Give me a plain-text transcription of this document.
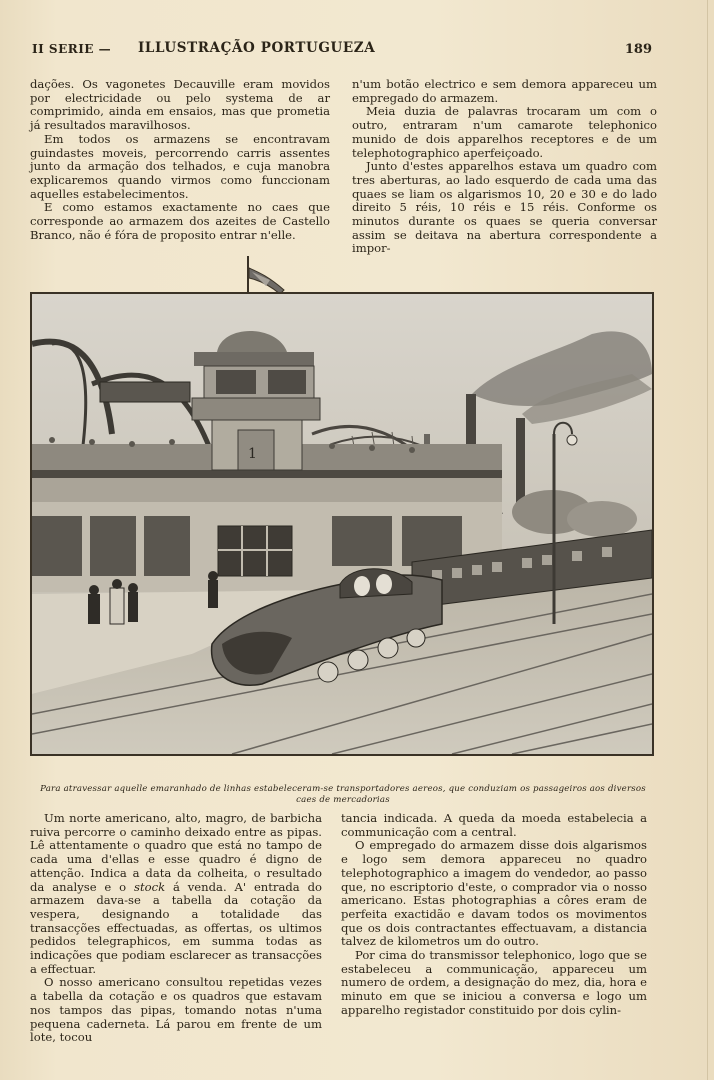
II SERIE — ILLUSTRAÇÃO PORTUGUEZA	189

dações. Os vagonetes Decauville eram movidos por electricidade ou pelo systema de ar comprimido, ainda em ensaios, mas que prometia já resultados maravilhosos.

Em todos os armazens se encontravam guindastes moveis, percorrendo carris assentes junto da armação dos telhados, e cuja manobra explicaremos quando virmos como funccionam aquelles estabelecimentos.

E como estamos exactamente no caes que corresponde ao armazem dos azeites de Castello Branco, não é fóra de proposito entrar n'elle.

n'um botão electrico e sem demora appareceu um empregado do armazem.

Meia duzia de palavras trocaram um com o outro, entraram n'um camarote telephonico munido de dois apparelhos receptores e de um telephotographico aperfeiçoado.

Junto d'estes apparelhos estava um quadro com tres aberturas, ao lado esquerdo de cada uma das quaes se liam os algarismos 10, 20 e 30 e do lado direito 5 réis, 10 réis e 15 réis. Conforme os minutos durante os quaes se queria conversar assim se deitava na abertura correspondente a impor-

1
Para atravessar aquelle emaranhado de linhas estabeleceram-se transportadores aereos, que conduziam os passageiros aos diversos caes de mercadorias

Um norte americano, alto, magro, de barbicha ruiva percorre o caminho deixado entre as pipas. Lê attentamente o quadro que está no tampo de cada uma d'ellas e esse quadro é digno de attenção. Indica a data da colheita, o resultado da analyse e o stock á venda. A' entrada do armazem dava-se a tabella da cotação da vespera, designando a totalidade das transacções effectuadas, as offertas, os ultimos pedidos telegraphicos, em summa todas as indicações que podiam esclarecer as transacções a effectuar.

O nosso americano consultou repetidas vezes a tabella da cotação e os quadros que estavam nos tampos das pipas, tomando notas n'uma pequena caderneta. Lá parou em frente de um lote, tocou

tancia indicada. A queda da moeda estabelecia a communicação com a central.

O empregado do armazem disse dois algarismos e logo sem demora appareceu no quadro telephotographico a imagem do vendedor, ao passo que, no escriptorio d'este, o comprador via o nosso americano. Estas photographias a côres eram de perfeita exactidão e davam todos os movimentos que os dois contractantes effectuavam, a distancia talvez de kilometros um do outro.

Por cima do transmissor telephonico, logo que se estabeleceu a communicação, appareceu um numero de ordem, a designação do mez, dia, hora e minuto em que se iniciou a conversa e logo um apparelho registador constituido por dois cylin-
